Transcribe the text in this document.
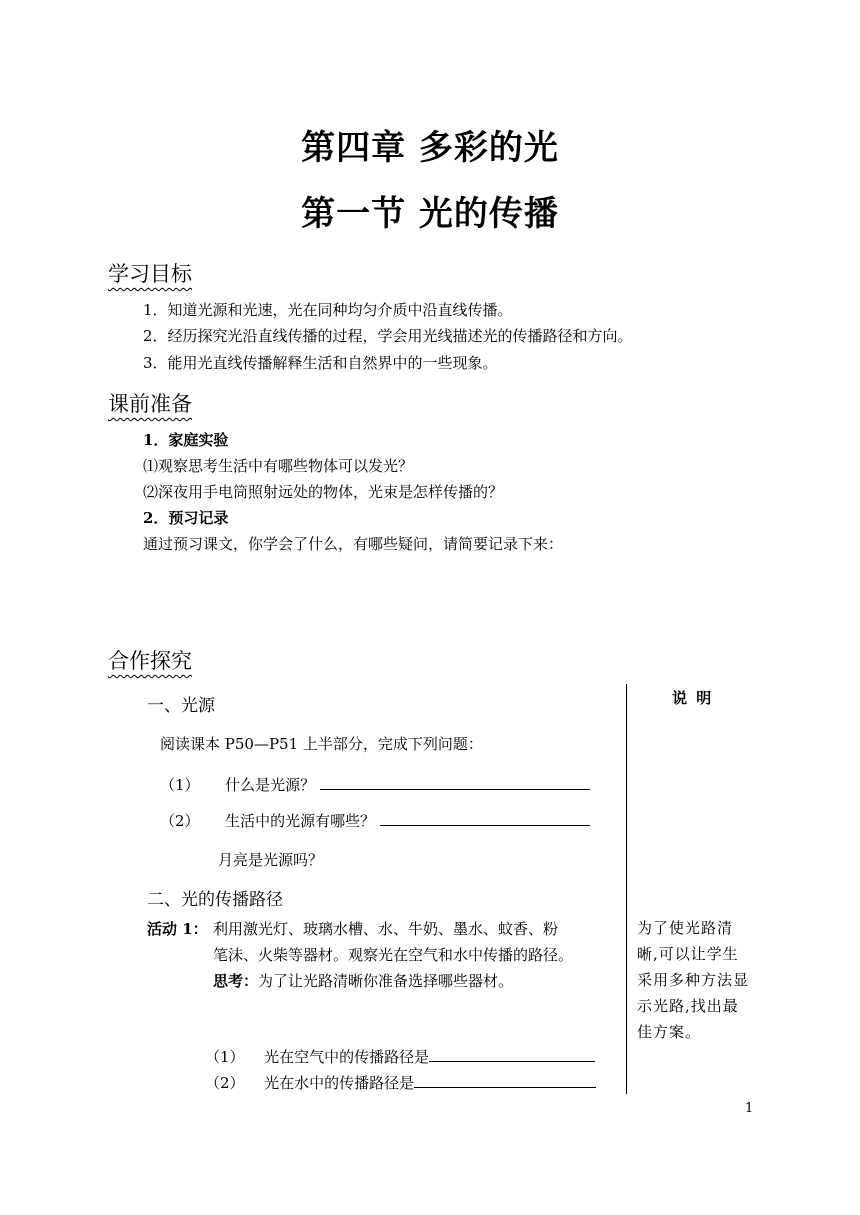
第四章 多彩的光
第一节 光的传播
学习目标
1．知道光源和光速，光在同种均匀介质中沿直线传播。
2．经历探究光沿直线传播的过程，学会用光线描述光的传播路径和方向。
3．能用光直线传播解释生活和自然界中的一些现象。
课前准备
1．家庭实验
⑴观察思考生活中有哪些物体可以发光？
⑵深夜用手电筒照射远处的物体，光束是怎样传播的？
2．预习记录
通过预习课文，你学会了什么，有哪些疑问，请简要记录下来：
合作探究
说 明
一、光源
阅读课本 P50—P51 上半部分，完成下列问题：
（1） 什么是光源？
（2） 生活中的光源有哪些？
月亮是光源吗？
二、光的传播路径
活动 1： 利用激光灯、玻璃水槽、水、牛奶、墨水、蚊香、粉
笔沫、火柴等器材。观察光在空气和水中传播的路径。
思考：为了让光路清晰你准备选择哪些器材。
（1） 光在空气中的传播路径是
（2） 光在水中的传播路径是
为了使光路清晰,可以让学生采用多种方法显示光路,找出最佳方案。
1
